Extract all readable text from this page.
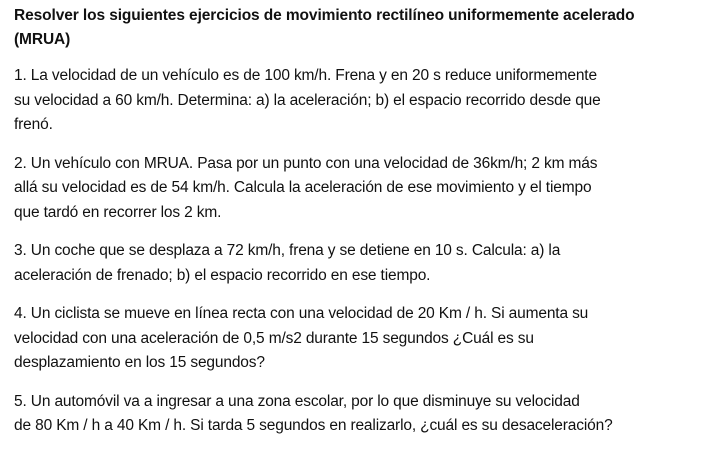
Resolver los siguientes ejercicios de movimiento rectilíneo uniformemente acelerado
(MRUA)
1. La velocidad de un vehículo es de 100 km/h. Frena y en 20 s reduce uniformemente
su velocidad a 60 km/h. Determina: a) la aceleración; b) el espacio recorrido desde que
frenó.
2. Un vehículo con MRUA. Pasa por un punto con una velocidad de 36km/h; 2 km más
allá su velocidad es de 54 km/h. Calcula la aceleración de ese movimiento y el tiempo
que tardó en recorrer los 2 km.
3. Un coche que se desplaza a 72 km/h, frena y se detiene en 10 s. Calcula: a) la
aceleración de frenado; b) el espacio recorrido en ese tiempo.
4. Un ciclista se mueve en línea recta con una velocidad de 20 Km / h. Si aumenta su
velocidad con una aceleración de 0,5 m/s2 durante 15 segundos ¿Cuál es su
desplazamiento en los 15 segundos?
5. Un automóvil va a ingresar a una zona escolar, por lo que disminuye su velocidad
de 80 Km / h a 40 Km / h. Si tarda 5 segundos en realizarlo, ¿cuál es su desaceleración?
